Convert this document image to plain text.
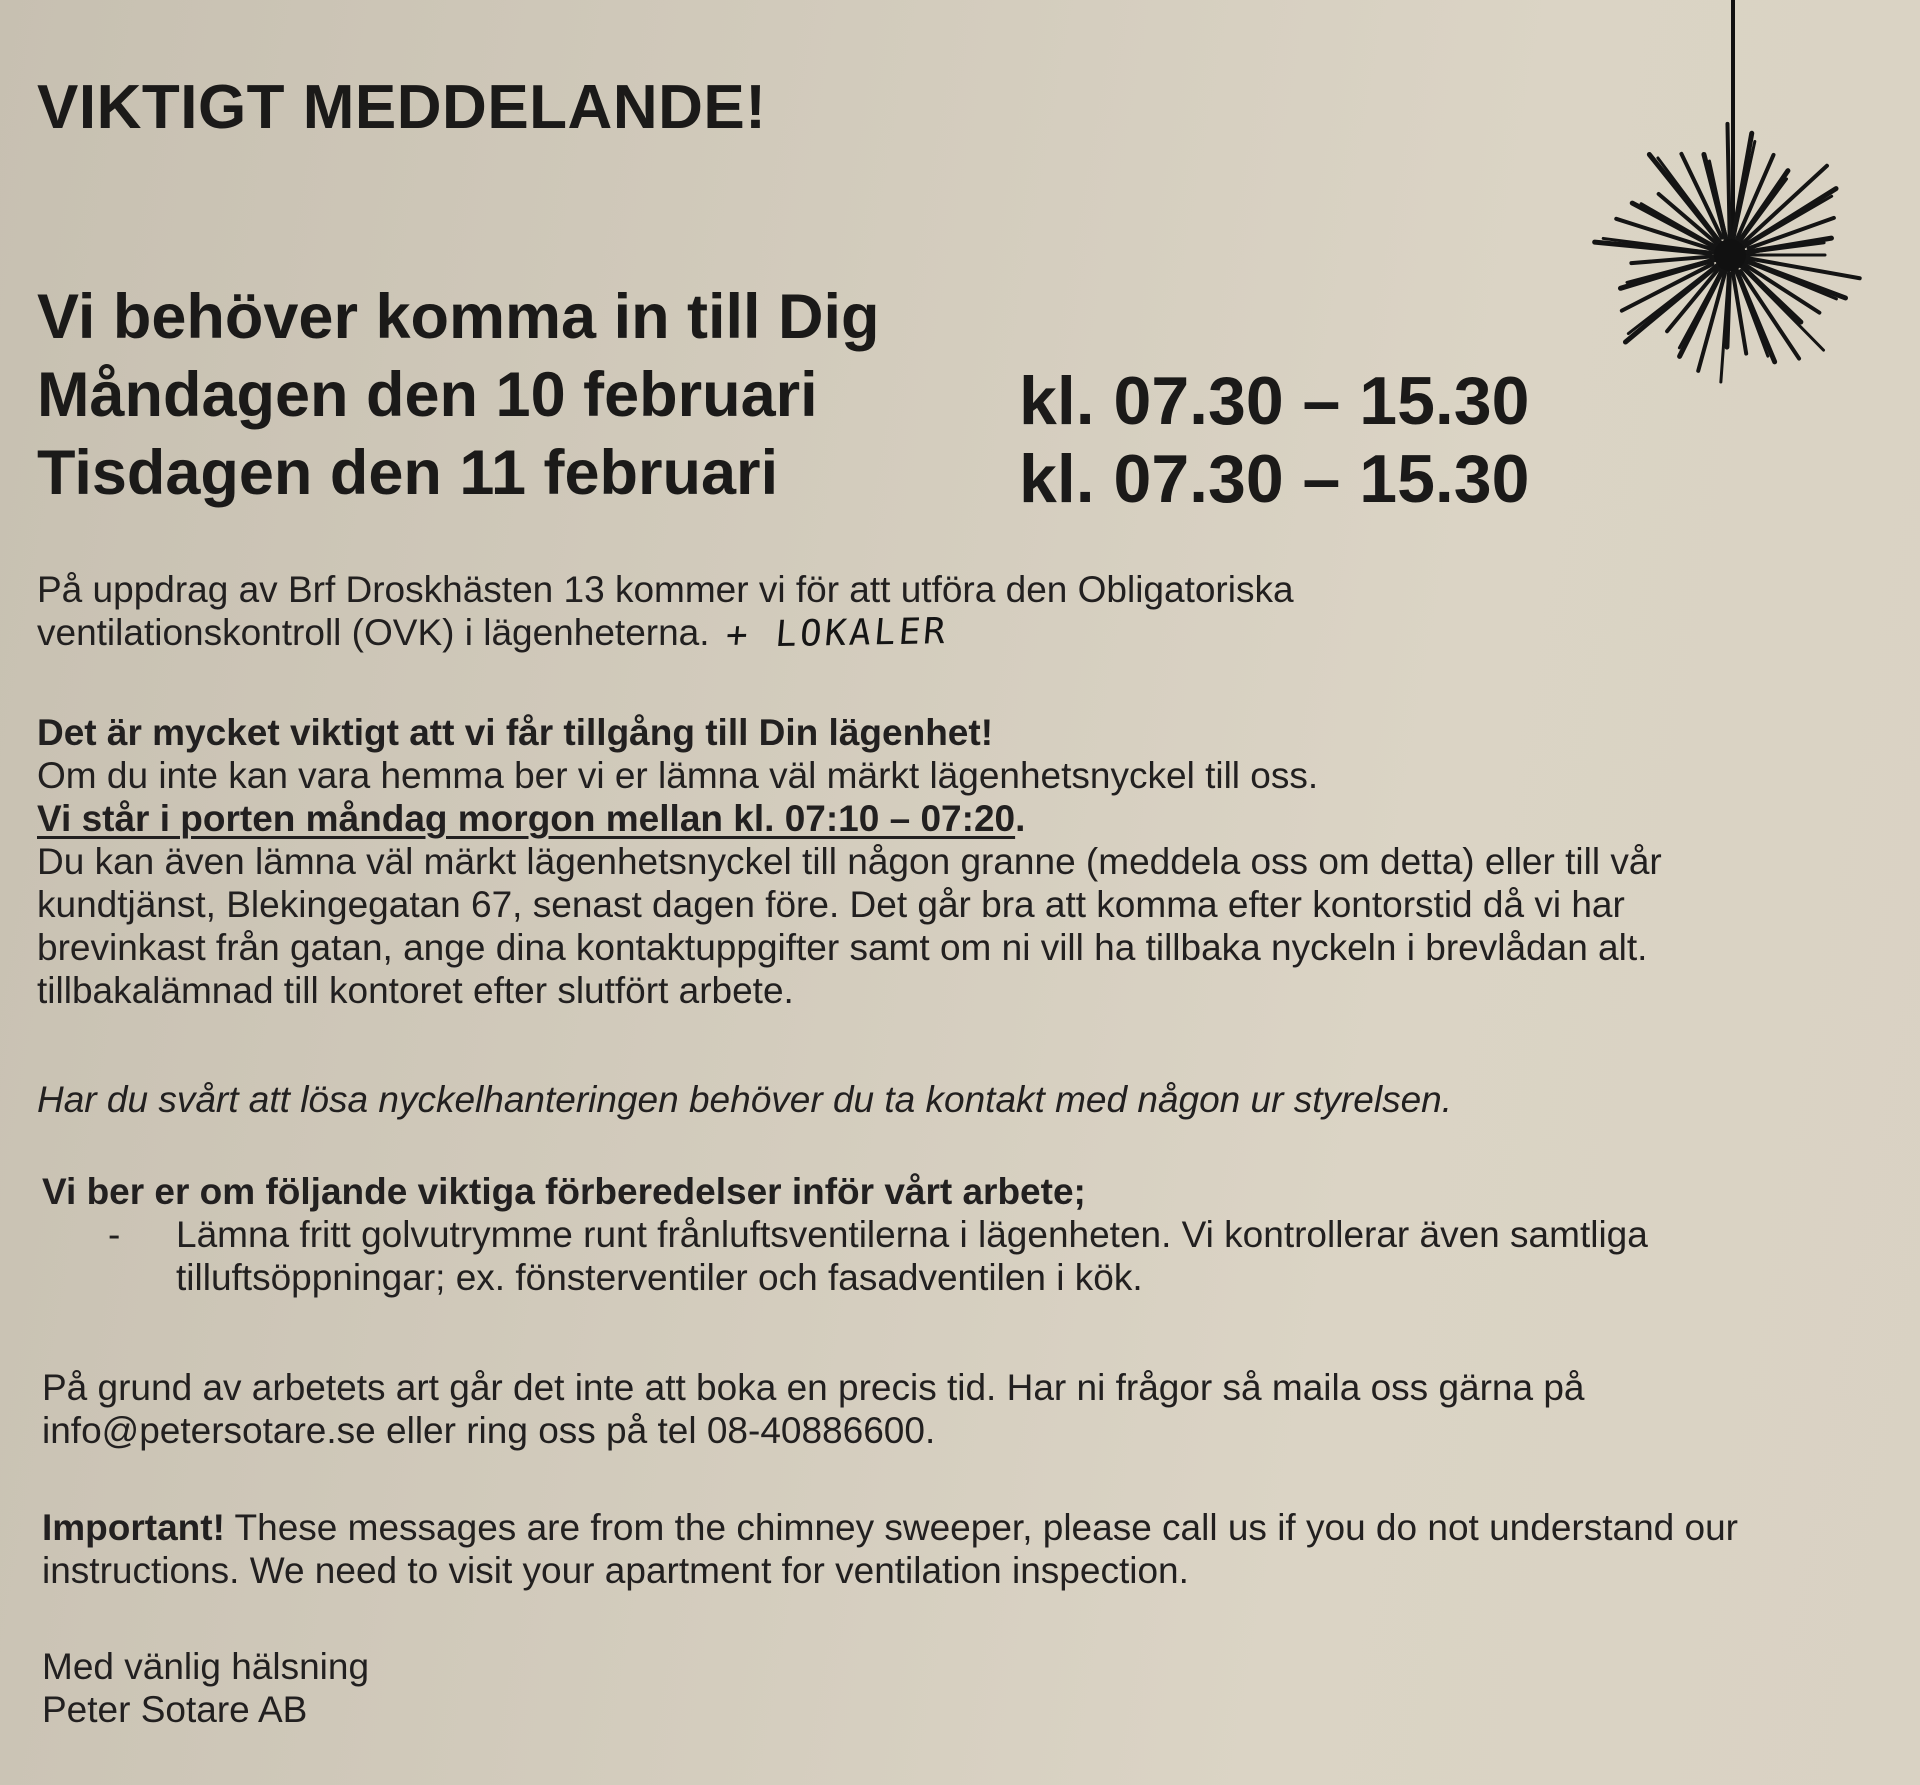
VIKTIGT MEDDELANDE!
Vi behöver komma in till Dig
Måndagen den 10 februari	kl. 07.30 – 15.30
Tisdagen den 11 februari	kl. 07.30 – 15.30
På uppdrag av Brf Droskhästen 13 kommer vi för att utföra den Obligatoriska
ventilationskontroll (OVK) i lägenheterna. + LOKALER
Det är mycket viktigt att vi får tillgång till Din lägenhet!
Om du inte kan vara hemma ber vi er lämna väl märkt lägenhetsnyckel till oss.
Vi står i porten måndag morgon mellan kl. 07:10 – 07:20.
Du kan även lämna väl märkt lägenhetsnyckel till någon granne (meddela oss om detta) eller till vår
kundtjänst, Blekingegatan 67, senast dagen före. Det går bra att komma efter kontorstid då vi har
brevinkast från gatan, ange dina kontaktuppgifter samt om ni vill ha tillbaka nyckeln i brevlådan alt.
tillbakalämnad till kontoret efter slutfört arbete.
Har du svårt att lösa nyckelhanteringen behöver du ta kontakt med någon ur styrelsen.
Vi ber er om följande viktiga förberedelser inför vårt arbete;
- Lämna fritt golvutrymme runt frånluftsventilerna i lägenheten. Vi kontrollerar även samtliga
tilluftsöppningar; ex. fönsterventiler och fasadventilen i kök.
På grund av arbetets art går det inte att boka en precis tid. Har ni frågor så maila oss gärna på
info@petersotare.se eller ring oss på tel 08-40886600.
Important! These messages are from the chimney sweeper, please call us if you do not understand our
instructions. We need to visit your apartment for ventilation inspection.
Med vänlig hälsning
Peter Sotare AB
